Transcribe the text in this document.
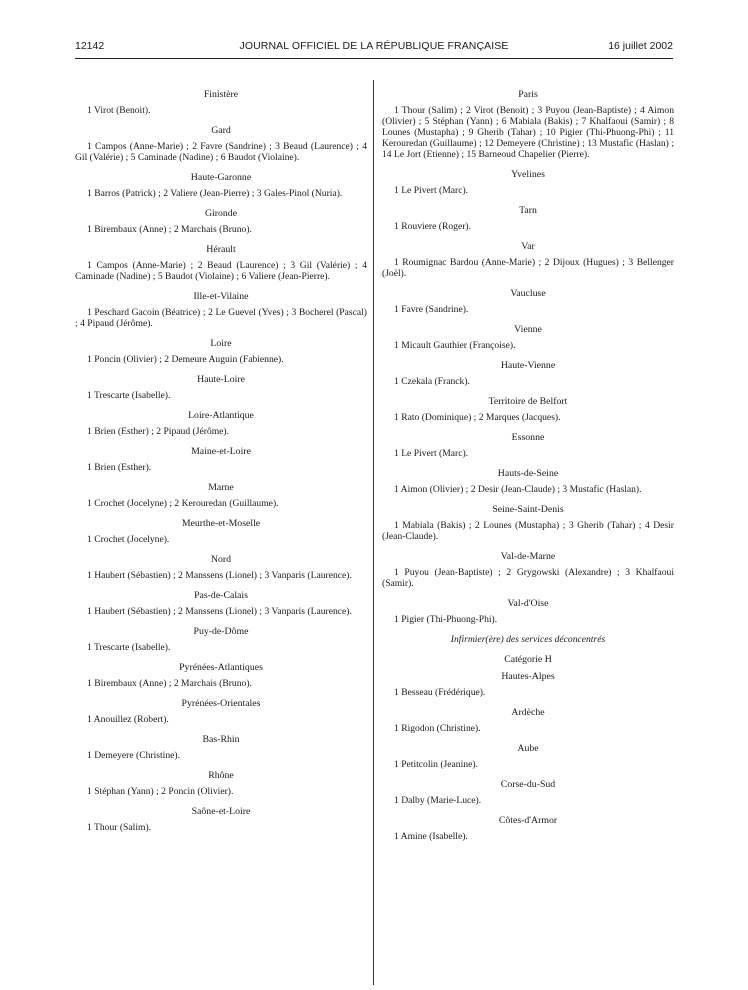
12142	JOURNAL OFFICIEL DE LA RÉPUBLIQUE FRANÇAISE	16 juillet 2002
Finistère

1 Virot (Benoit).

Gard

1 Campos (Anne-Marie) ; 2 Favre (Sandrine) ; 3 Beaud (Laurence) ; 4 Gil (Valérie) ; 5 Caminade (Nadine) ; 6 Baudot (Violaine).

Haute-Garonne

1 Barros (Patrick) ; 2 Valiere (Jean-Pierre) ; 3 Gales-Pinol (Nuria).

Gironde

1 Birembaux (Anne) ; 2 Marchais (Bruno).

Hérault

1 Campos (Anne-Marie) ; 2 Beaud (Laurence) ; 3 Gil (Valérie) ; 4 Caminade (Nadine) ; 5 Baudot (Violaine) ; 6 Valiere (Jean-Pierre).

Ille-et-Vilaine

1 Peschard Gacoin (Béatrice) ; 2 Le Guevel (Yves) ; 3 Bocherel (Pascal) ; 4 Pipaud (Jérôme).

Loire

1 Poncin (Olivier) ; 2 Demeure Auguin (Fabienne).

Haute-Loire

1 Trescarte (Isabelle).

Loire-Atlantique

1 Brien (Esther) ; 2 Pipaud (Jérôme).

Maine-et-Loire

1 Brien (Esther).

Marne

1 Crochet (Jocelyne) ; 2 Kerouredan (Guillaume).

Meurthe-et-Moselle

1 Crochet (Jocelyne).

Nord

1 Haubert (Sébastien) ; 2 Manssens (Lionel) ; 3 Vanparis (Laurence).

Pas-de-Calais

1 Haubert (Sébastien) ; 2 Manssens (Lionel) ; 3 Vanparis (Laurence).

Puy-de-Dôme

1 Trescarte (Isabelle).

Pyrénées-Atlantiques

1 Birembaux (Anne) ; 2 Marchais (Bruno).

Pyrénées-Orientales

1 Anouillez (Robert).

Bas-Rhin

1 Demeyere (Christine).

Rhône

1 Stéphan (Yann) ; 2 Poncin (Olivier).

Saône-et-Loire

1 Thour (Salim).

Paris

1 Thour (Salim) ; 2 Virot (Benoit) ; 3 Puyou (Jean-Baptiste) ; 4 Aimon (Olivier) ; 5 Stéphan (Yann) ; 6 Mabiala (Bakis) ; 7 Khalfaoui (Samir) ; 8 Lounes (Mustapha) ; 9 Gherib (Tahar) ; 10 Pigier (Thi-Phuong-Phi) ; 11 Kerouredan (Guillaume) ; 12 Demeyere (Christine) ; 13 Mustafic (Haslan) ; 14 Le Jort (Etienne) ; 15 Barneoud Chapelier (Pierre).

Yvelines

1 Le Pivert (Marc).

Tarn

1 Rouviere (Roger).

Var

1 Roumignac Bardou (Anne-Marie) ; 2 Dijoux (Hugues) ; 3 Bellenger (Joël).

Vaucluse

1 Favre (Sandrine).

Vienne

1 Micault Gauthier (Françoise).

Haute-Vienne

1 Czekala (Franck).

Territoire de Belfort

1 Rato (Dominique) ; 2 Marques (Jacques).

Essonne

1 Le Pivert (Marc).

Hauts-de-Seine

1 Aimon (Olivier) ; 2 Desir (Jean-Claude) ; 3 Mustafic (Haslan).

Seine-Saint-Denis

1 Mabiala (Bakis) ; 2 Lounes (Mustapha) ; 3 Gherib (Tahar) ; 4 Desir (Jean-Claude).

Val-de-Marne

1 Puyou (Jean-Baptiste) ; 2 Grygowski (Alexandre) ; 3 Khalfaoui (Samir).

Val-d'Oise

1 Pigier (Thi-Phuong-Phi).

Infirmier(ère) des services déconcentrés
Catégorie H
Hautes-Alpes

1 Besseau (Frédérique).

Ardèche

1 Rigodon (Christine).

Aube

1 Petitcolin (Jeanine).

Corse-du-Sud

1 Dalby (Marie-Luce).

Côtes-d'Armor

1 Amine (Isabelle).
